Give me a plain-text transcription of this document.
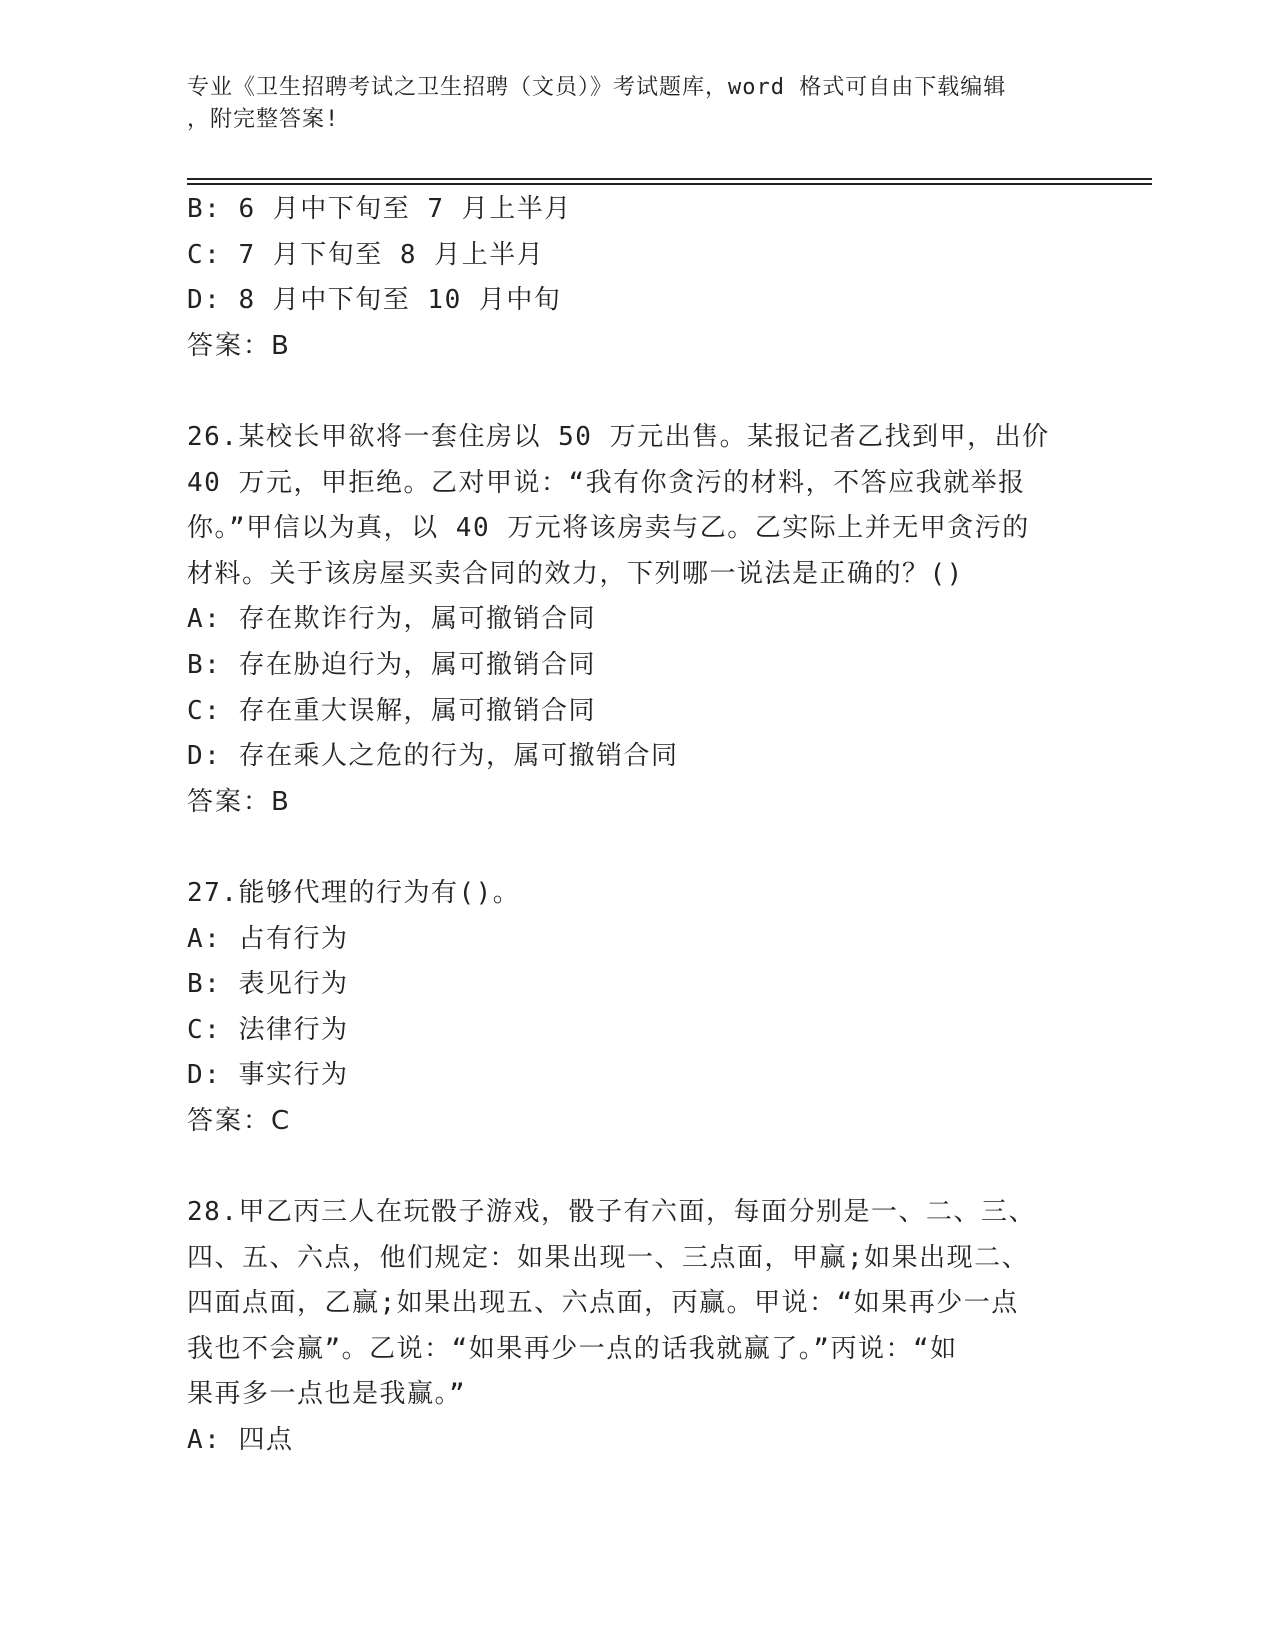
专业《卫生招聘考试之卫生招聘（文员）》考试题库，word 格式可自由下载编辑
，附完整答案!
B: 6 月中下旬至 7 月上半月
C: 7 月下旬至 8 月上半月
D: 8 月中下旬至 10 月中旬
答案：B
26.某校长甲欲将一套住房以 50 万元出售。某报记者乙找到甲，出价
40 万元，甲拒绝。乙对甲说：“我有你贪污的材料，不答应我就举报
你。”甲信以为真，以 40 万元将该房卖与乙。乙实际上并无甲贪污的
材料。关于该房屋买卖合同的效力，下列哪一说法是正确的？()
A: 存在欺诈行为，属可撤销合同
B: 存在胁迫行为，属可撤销合同
C: 存在重大误解，属可撤销合同
D: 存在乘人之危的行为，属可撤销合同
答案：B
27.能够代理的行为有()。
A: 占有行为
B: 表见行为
C: 法律行为
D: 事实行为
答案：C
28.甲乙丙三人在玩骰子游戏，骰子有六面，每面分别是一、二、三、
四、五、六点，他们规定：如果出现一、三点面，甲赢;如果出现二、
四面点面，乙赢;如果出现五、六点面，丙赢。甲说：“如果再少一点
我也不会赢”。乙说：“如果再少一点的话我就赢了。”丙说：“如
果再多一点也是我赢。”
A: 四点
